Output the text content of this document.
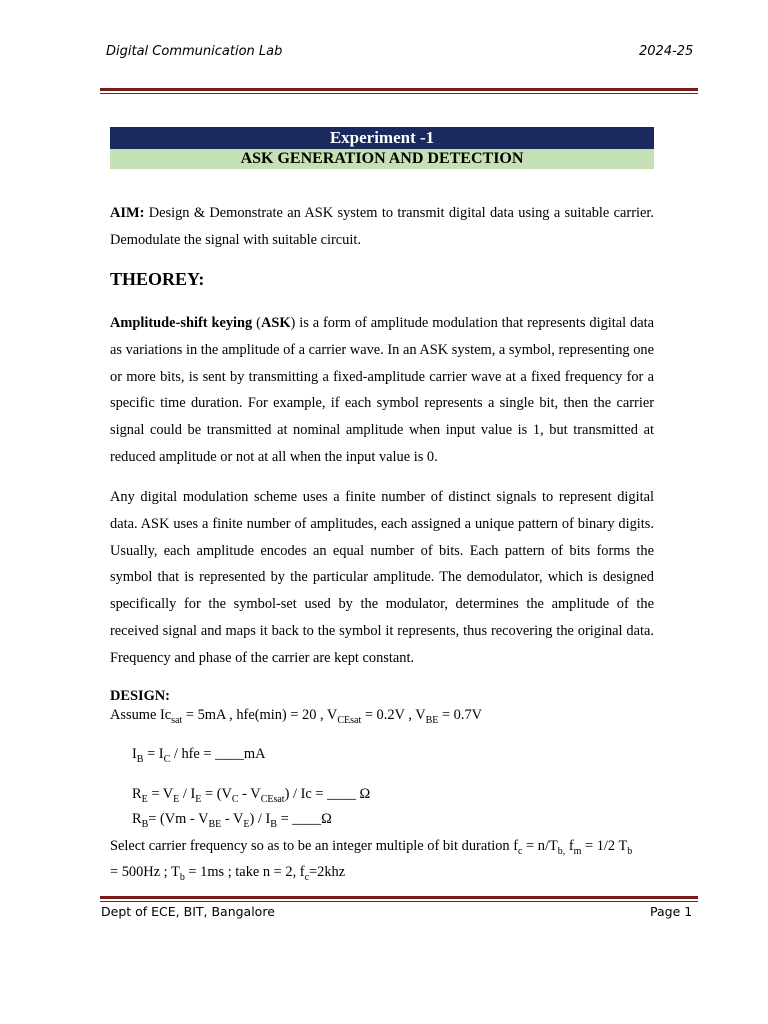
Digital Communication Lab	2024-25
Experiment -1
ASK GENERATION AND DETECTION

AIM: Design & Demonstrate an ASK system to transmit digital data using a suitable carrier. Demodulate the signal with suitable circuit.

THEOREY:

Amplitude-shift keying (ASK) is a form of amplitude modulation that represents digital data as variations in the amplitude of a carrier wave. In an ASK system, a symbol, representing one or more bits, is sent by transmitting a fixed-amplitude carrier wave at a fixed frequency for a specific time duration. For example, if each symbol represents a single bit, then the carrier signal could be transmitted at nominal amplitude when input value is 1, but transmitted at reduced amplitude or not at all when the input value is 0.

Any digital modulation scheme uses a finite number of distinct signals to represent digital data. ASK uses a finite number of amplitudes, each assigned a unique pattern of binary digits. Usually, each amplitude encodes an equal number of bits. Each pattern of bits forms the symbol that is represented by the particular amplitude. The demodulator, which is designed specifically for the symbol-set used by the modulator, determines the amplitude of the received signal and maps it back to the symbol it represents, thus recovering the original data. Frequency and phase of the carrier are kept constant.

DESIGN:

Assume $Ic_{sat} = 5mA$ , hfe(min) = 20 , $V_{CEsat} = 0.2V$ , $V_{BE} = 0.7V$

$I_B = I_C$ / hfe = ____mA

$R_E = V_E / I_E = (V_C - V_{CEsat}) / Ic$ = ____ Ω

$R_B= (Vm - V_{BE} - V_E) / I_B$ = ____Ω

Select carrier frequency so as to be an integer multiple of bit duration $f_c = n/T_{b,}$ $f_m = 1/2$ $T_b$

= 500Hz ; $T_b = 1ms$ ; take n = 2, $f_c=2khz$

Dept of ECE, BIT, Bangalore	Page 1
